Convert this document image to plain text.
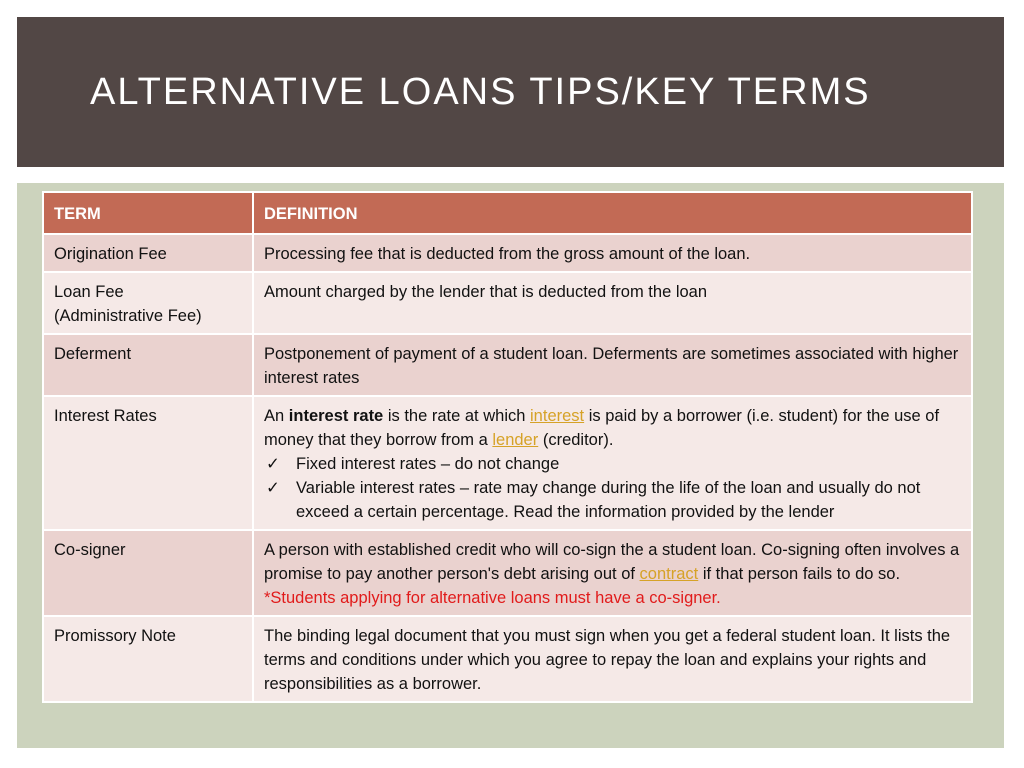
ALTERNATIVE LOANS TIPS/KEY TERMS
TERM	DEFINITION
Origination Fee	Processing fee that is deducted from the gross amount of the loan.
Loan Fee
(Administrative Fee)	Amount charged by the lender that is deducted from the loan
Deferment	Postponement of payment of a student loan. Deferments are sometimes associated with higher interest rates
Interest Rates	An interest rate is the rate at which interest is paid by a borrower (i.e. student) for the use of money that they borrow from a lender (creditor).
✓ Fixed interest rates – do not change
✓ Variable interest rates – rate may change during the life of the loan and usually do not exceed a certain percentage. Read the information provided by the lender

Co-signer	A person with established credit who will co-sign the a student loan. Co-signing often involves a promise to pay another person's debt arising out of contract if that person fails to do so.
*Students applying for alternative loans must have a co-signer.
Promissory Note	The binding legal document that you must sign when you get a federal student loan. It lists the terms and conditions under which you agree to repay the loan and explains your rights and responsibilities as a borrower.
